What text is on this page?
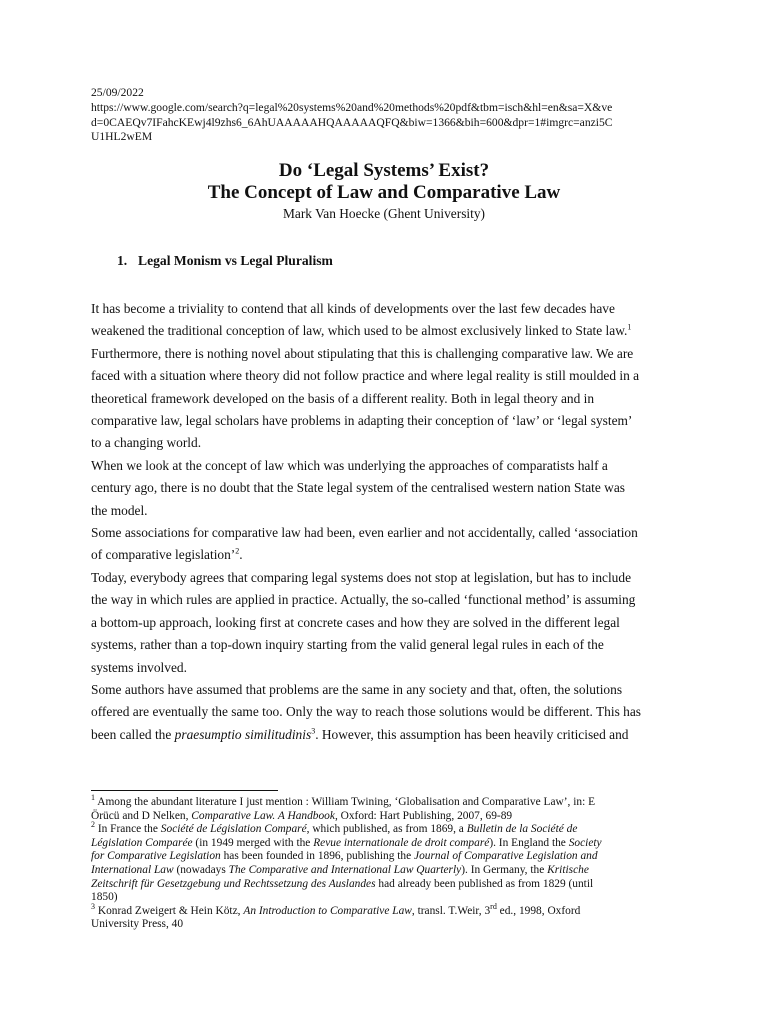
25/09/2022
https://www.google.com/search?q=legal%20systems%20and%20methods%20pdf&tbm=isch&hl=en&sa=X&ve
d=0CAEQv7IFahcKEwj4l9zhs6_6AhUAAAAAHQAAAAAQFQ&biw=1366&bih=600&dpr=1#imgrc=anzi5C
U1HL2wEM
Do ‘Legal Systems’ Exist?
The Concept of Law and Comparative Law
Mark Van Hoecke (Ghent University)
1. Legal Monism vs Legal Pluralism
It has become a triviality to contend that all kinds of developments over the last few decades have
weakened the traditional conception of law, which used to be almost exclusively linked to State law.$^1$
Furthermore, there is nothing novel about stipulating that this is challenging comparative law. We are
faced with a situation where theory did not follow practice and where legal reality is still moulded in a
theoretical framework developed on the basis of a different reality. Both in legal theory and in
comparative law, legal scholars have problems in adapting their conception of ‘law’ or ‘legal system’
to a changing world.
When we look at the concept of law which was underlying the approaches of comparatists half a
century ago, there is no doubt that the State legal system of the centralised western nation State was
the model.
Some associations for comparative law had been, even earlier and not accidentally, called ‘association
of comparative legislation’$^2$.
Today, everybody agrees that comparing legal systems does not stop at legislation, but has to include
the way in which rules are applied in practice. Actually, the so-called ‘functional method’ is assuming
a bottom-up approach, looking first at concrete cases and how they are solved in the different legal
systems, rather than a top-down inquiry starting from the valid general legal rules in each of the
systems involved.
Some authors have assumed that problems are the same in any society and that, often, the solutions
offered are eventually the same too. Only the way to reach those solutions would be different. This has
been called the praesumptio similitudinis$^3$. However, this assumption has been heavily criticised and
$^1$ Among the abundant literature I just mention : William Twining, ‘Globalisation and Comparative Law’, in: E
Örücü and D Nelken, Comparative Law. A Handbook, Oxford: Hart Publishing, 2007, 69-89
$^2$ In France the Société de Législation Comparé, which published, as from 1869, a Bulletin de la Société de
Législation Comparée (in 1949 merged with the Revue internationale de droit comparé). In England the Society
for Comparative Legislation has been founded in 1896, publishing the Journal of Comparative Legislation and
International Law (nowadays The Comparative and International Law Quarterly). In Germany, the Kritische
Zeitschrift für Gesetzgebung und Rechtssetzung des Auslandes had already been published as from 1829 (until
1850)
$^3$ Konrad Zweigert & Hein Kötz, An Introduction to Comparative Law, transl. T.Weir, 3rd ed., 1998, Oxford
University Press, 40
